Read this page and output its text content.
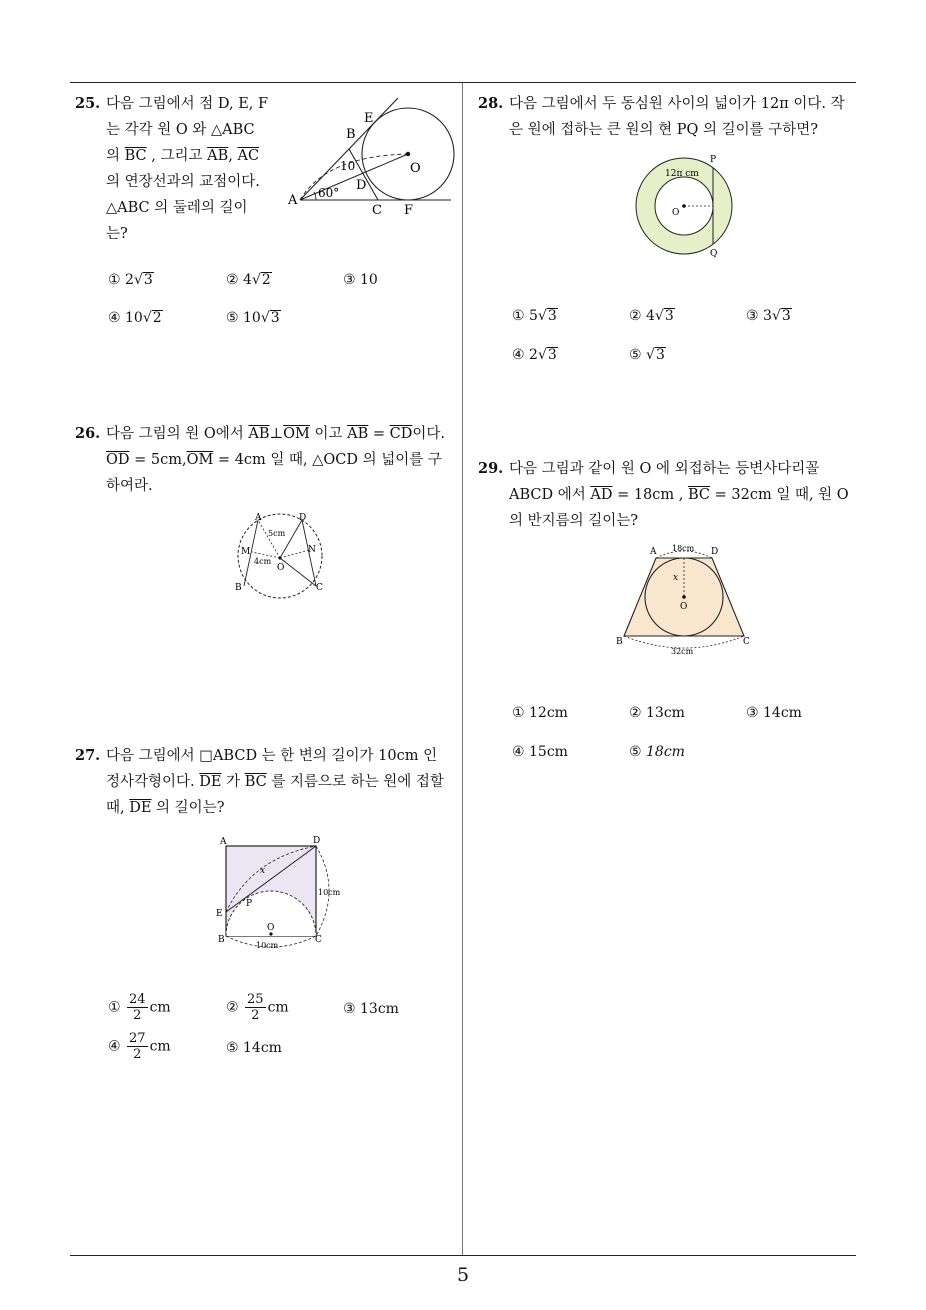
5
25. 다음 그림에서 점 D, E, F
는 각각 원 O 와 △ABC
의 $\overline{BC}$ , 그리고 $\overline{AB}$, $\overline{AC}$
의 연장선과의 교점이다.
△ABC 의 둘레의 길이
는?
E
B
O
10
A 60° D
C F
① 2√3	② 4√2	③ 10
④ 10√2	⑤ 10√3
26. 다음 그림의 원 O에서 $\overline{AB}\perp\overline{OM}$ 이고 $\overline{AB} = \overline{CD}$이다.
$\overline{OD} = 5cm,\overline{OM} = 4cm$ 일 때, △OCD 의 넓이를 구
하여라.
A	D
5cm
M	N
4cm
O
B	C
27. 다음 그림에서 □ABCD 는 한 변의 길이가 10cm 인
정사각형이다. $\overline{DE}$ 가 $\overline{BC}$ 를 지름으로 하는 원에 접할
때, $\overline{DE}$ 의 길이는?
A	D
x
10cm
E
P
O
B
10cm
C
① $\frac{24}{2}$ cm	② $\frac{25}{2}$ cm	③ 13cm
④ $\frac{27}{2}$ cm	⑤ 14cm
28. 다음 그림에서 두 동심원 사이의 넓이가 12π 이다. 작
은 원에 접하는 큰 원의 현 PQ 의 길이를 구하면?
12π cm
P
O
Q
① 5√3	② 4√3	③ 3√3
④ 2√3	⑤ √3
29. 다음 그림과 같이 원 O 에 외접하는 등변사다리꼴
ABCD 에서 $\overline{AD} = 18cm$ , $\overline{BC} = 32cm$ 일 때, 원 O
의 반지름의 길이는?
A 18cm D
x
O
B
32cm
C
① 12cm	② 13cm	③ 14cm
④ 15cm	⑤ 18cm
